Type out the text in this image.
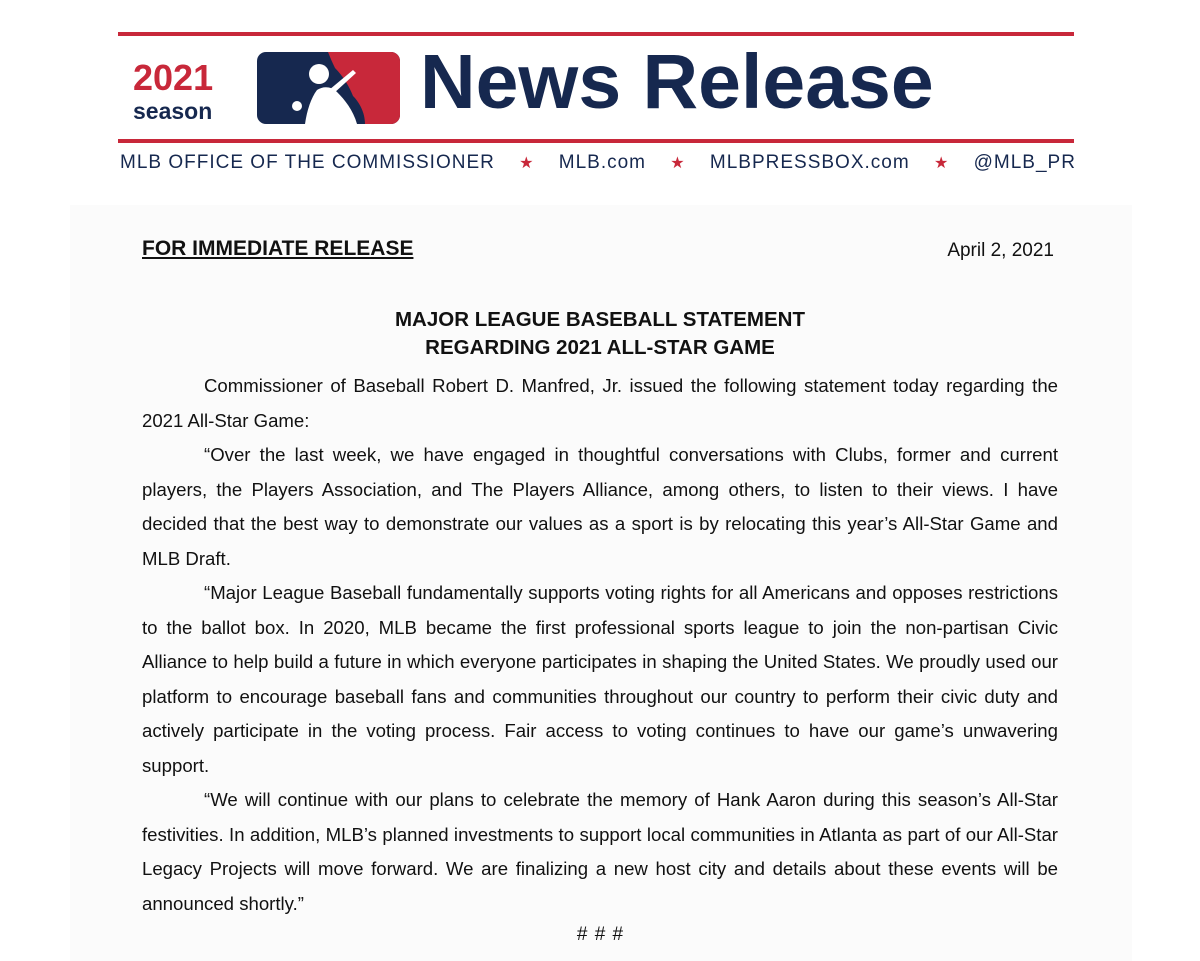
2021
season	News Release
MLB OFFICE OF THE COMMISSIONER ★ MLB.com ★ MLBPRESSBOX.com ★ @MLB_PR
FOR IMMEDIATE RELEASE	April 2, 2021
MAJOR LEAGUE BASEBALL STATEMENT
REGARDING 2021 ALL-STAR GAME

Commissioner of Baseball Robert D. Manfred, Jr. issued the following statement today regarding the 2021 All-Star Game:

“Over the last week, we have engaged in thoughtful conversations with Clubs, former and current players, the Players Association, and The Players Alliance, among others, to listen to their views. I have decided that the best way to demonstrate our values as a sport is by relocating this year’s All-Star Game and MLB Draft.

“Major League Baseball fundamentally supports voting rights for all Americans and opposes restrictions to the ballot box. In 2020, MLB became the first professional sports league to join the non-partisan Civic Alliance to help build a future in which everyone participates in shaping the United States. We proudly used our platform to encourage baseball fans and communities throughout our country to perform their civic duty and actively participate in the voting process. Fair access to voting continues to have our game’s unwavering support.

“We will continue with our plans to celebrate the memory of Hank Aaron during this season’s All-Star festivities. In addition, MLB’s planned investments to support local communities in Atlanta as part of our All-Star Legacy Projects will move forward. We are finalizing a new host city and details about these events will be announced shortly.”

# # #
